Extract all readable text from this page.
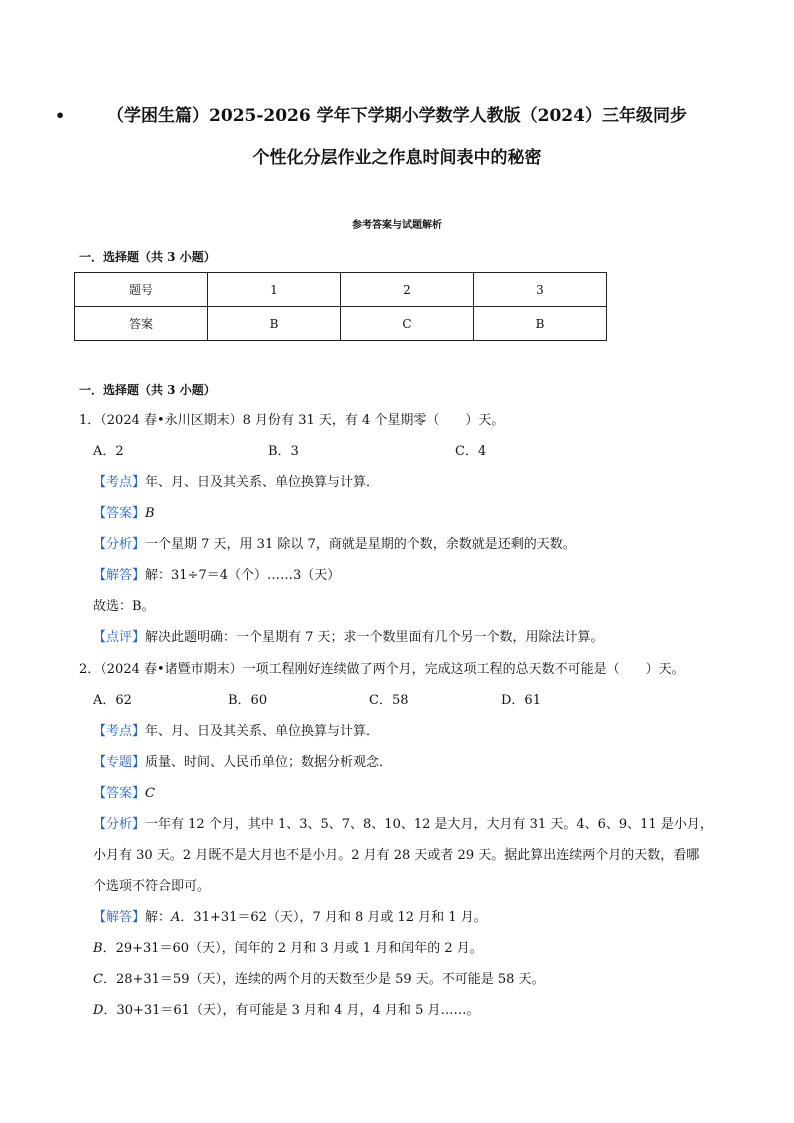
• （学困生篇）2025-2026 学年下学期小学数学人教版（2024）三年级同步
个性化分层作业之作息时间表中的秘密
参考答案与试题解析
一．选择题（共 3 小题）
题号	1	2	3
答案	B	C	B
一．选择题（共 3 小题）
1．（2024 春•永川区期末）8 月份有 31 天，有 4 个星期零（　　）天。
A．2	B．3	C．4
【考点】年、月、日及其关系、单位换算与计算．
【答案】B
【分析】一个星期 7 天，用 31 除以 7，商就是星期的个数，余数就是还剩的天数。
【解答】解：31÷7＝4（个）……3（天）
故选：B。
【点评】解决此题明确：一个星期有 7 天；求一个数里面有几个另一个数，用除法计算。
2．（2024 春•诸暨市期末）一项工程刚好连续做了两个月，完成这项工程的总天数不可能是（　　）天。
A．62	B．60	C．58	D．61
【考点】年、月、日及其关系、单位换算与计算．
【专题】质量、时间、人民币单位；数据分析观念．
【答案】C
【分析】一年有 12 个月，其中 1、3、5、7、8、10、12 是大月，大月有 31 天。4、6、9、11 是小月，
小月有 30 天。2 月既不是大月也不是小月。2 月有 28 天或者 29 天。据此算出连续两个月的天数，看哪
个选项不符合即可。
【解答】解：A．31+31＝62（天），7 月和 8 月或 12 月和 1 月。
B．29+31＝60（天），闰年的 2 月和 3 月或 1 月和闰年的 2 月。
C．28+31＝59（天），连续的两个月的天数至少是 59 天。不可能是 58 天。
D．30+31＝61（天），有可能是 3 月和 4 月，4 月和 5 月……。
